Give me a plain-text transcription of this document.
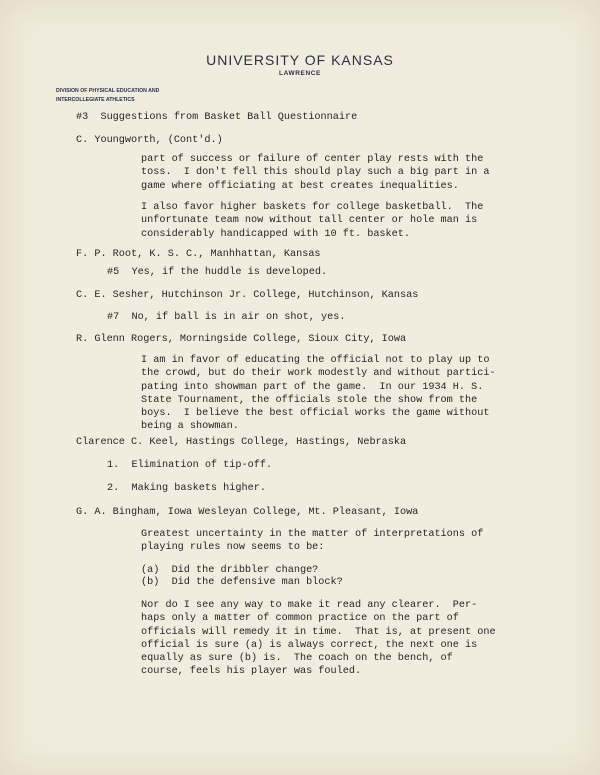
UNIVERSITY OF KANSAS
LAWRENCE
DIVISION OF PHYSICAL EDUCATION AND
INTERCOLLEGIATE ATHLETICS
#3  Suggestions from Basket Ball Questionnaire
C. Youngworth, (Cont'd.)
part of success or failure of center play rests with the
toss.  I don't fell this should play such a big part in a
game where officiating at best creates inequalities.
I also favor higher baskets for college basketball.  The
unfortunate team now without tall center or hole man is
considerably handicapped with 10 ft. basket.
F. P. Root, K. S. C., Manhhattan, Kansas
#5  Yes, if the huddle is developed.
C. E. Sesher, Hutchinson Jr. College, Hutchinson, Kansas
#7  No, if ball is in air on shot, yes.
R. Glenn Rogers, Morningside College, Sioux City, Iowa
I am in favor of educating the official not to play up to
the crowd, but do their work modestly and without partici-
pating into showman part of the game.  In our 1934 H. S.
State Tournament, the officials stole the show from the
boys.  I believe the best official works the game without
being a showman.
Clarence C. Keel, Hastings College, Hastings, Nebraska
1.  Elimination of tip-off.
2.  Making baskets higher.
G. A. Bingham, Iowa Wesleyan College, Mt. Pleasant, Iowa
Greatest uncertainty in the matter of interpretations of
playing rules now seems to be:
(a)  Did the dribbler change?
(b)  Did the defensive man block?
Nor do I see any way to make it read any clearer.  Per-
haps only a matter of common practice on the part of
officials will remedy it in time.  That is, at present one
official is sure (a) is always correct, the next one is
equally as sure (b) is.  The coach on the bench, of
course, feels his player was fouled.
